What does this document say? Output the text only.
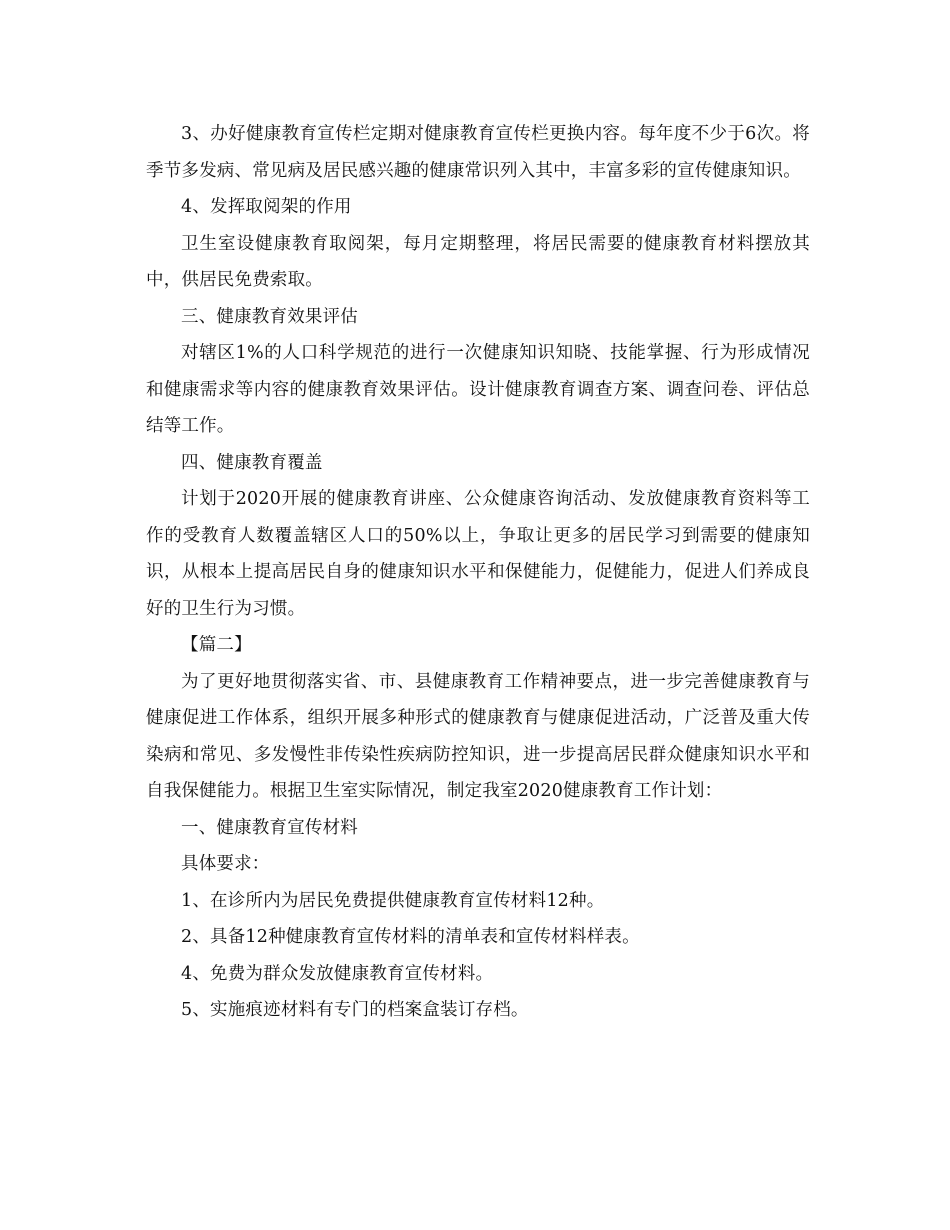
3、办好健康教育宣传栏定期对健康教育宣传栏更换内容。每年度不少于6次。将季节多发病、常见病及居民感兴趣的健康常识列入其中，丰富多彩的宣传健康知识。

4、发挥取阅架的作用

卫生室设健康教育取阅架，每月定期整理，将居民需要的健康教育材料摆放其中，供居民免费索取。

三、健康教育效果评估

对辖区1%的人口科学规范的进行一次健康知识知晓、技能掌握、行为形成情况和健康需求等内容的健康教育效果评估。设计健康教育调查方案、调查问卷、评估总结等工作。

四、健康教育覆盖

计划于2020开展的健康教育讲座、公众健康咨询活动、发放健康教育资料等工作的受教育人数覆盖辖区人口的50%以上，争取让更多的居民学习到需要的健康知识，从根本上提高居民自身的健康知识水平和保健能力，促健能力，促进人们养成良好的卫生行为习惯。

【篇二】

为了更好地贯彻落实省、市、县健康教育工作精神要点，进一步完善健康教育与健康促进工作体系，组织开展多种形式的健康教育与健康促进活动，广泛普及重大传染病和常见、多发慢性非传染性疾病防控知识，进一步提高居民群众健康知识水平和自我保健能力。根据卫生室实际情况，制定我室2020健康教育工作计划：

一、健康教育宣传材料

具体要求：

1、在诊所内为居民免费提供健康教育宣传材料12种。

2、具备12种健康教育宣传材料的清单表和宣传材料样表。

4、免费为群众发放健康教育宣传材料。

5、实施痕迹材料有专门的档案盒装订存档。
